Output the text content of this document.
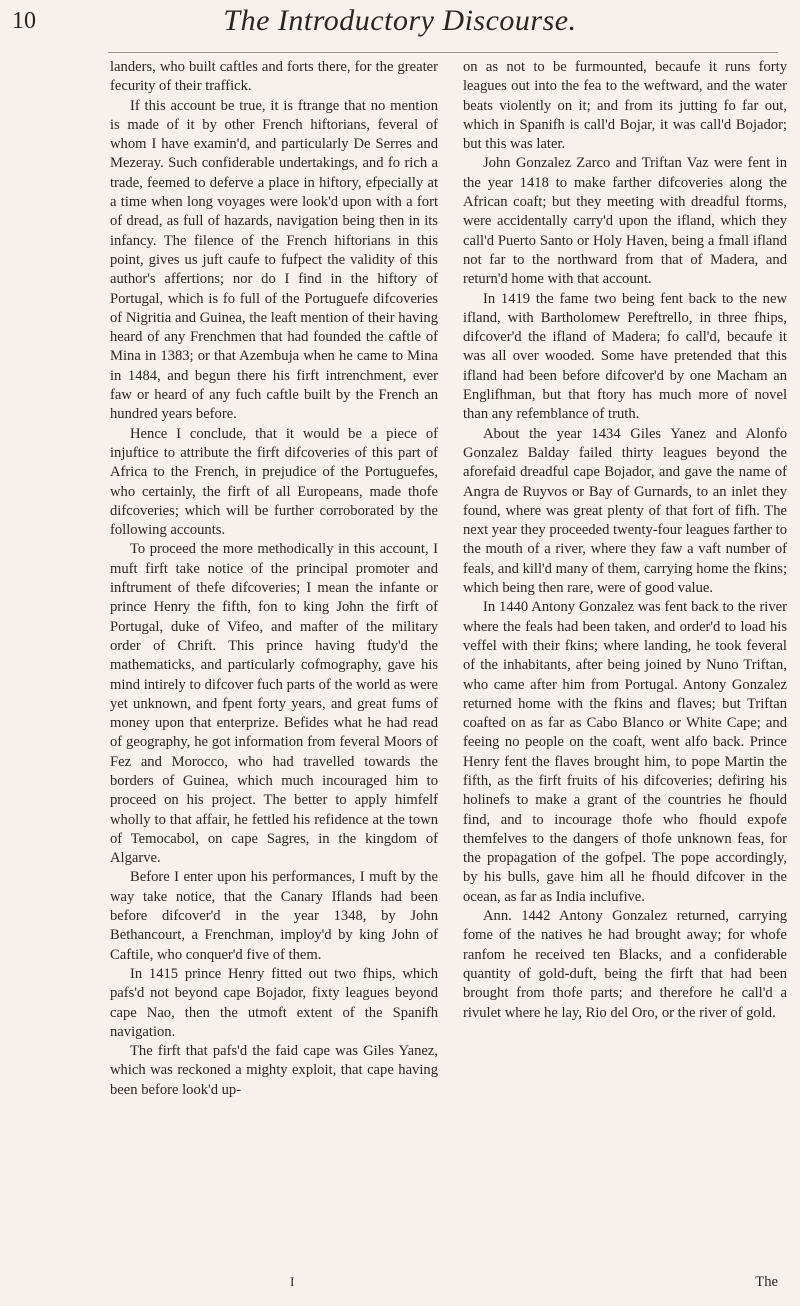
10	The Introductory Discourse.

landers, who built caftles and forts there, for the greater fecurity of their traffick.

If this account be true, it is ftrange that no mention is made of it by other French hiftorians, feveral of whom I have examin'd, and particularly De Serres and Mezeray. Such confiderable undertakings, and fo rich a trade, feemed to deferve a place in hiftory, efpecially at a time when long voyages were look'd upon with a fort of dread, as full of hazards, navigation being then in its infancy. The filence of the French hiftorians in this point, gives us juft caufe to fufpect the validity of this author's affertions; nor do I find in the hiftory of Portugal, which is fo full of the Portuguefe difcoveries of Nigritia and Guinea, the leaft mention of their having heard of any Frenchmen that had founded the caftle of Mina in 1383; or that Azembuja when he came to Mina in 1484, and begun there his firft intrenchment, ever faw or heard of any fuch caftle built by the French an hundred years before.

Hence I conclude, that it would be a piece of injuftice to attribute the firft difcoveries of this part of Africa to the French, in prejudice of the Portuguefes, who certainly, the firft of all Europeans, made thofe difcoveries; which will be further corroborated by the following accounts.

To proceed the more methodically in this account, I muft firft take notice of the principal promoter and inftrument of thefe difcoveries; I mean the infante or prince Henry the fifth, fon to king John the firft of Portugal, duke of Vifeo, and mafter of the military order of Chrift. This prince having ftudy'd the mathematicks, and particularly cofmography, gave his mind intirely to difcover fuch parts of the world as were yet unknown, and fpent forty years, and great fums of money upon that enterprize. Befides what he had read of geography, he got information from feveral Moors of Fez and Morocco, who had travelled towards the borders of Guinea, which much incouraged him to proceed on his project. The better to apply himfelf wholly to that affair, he fettled his refidence at the town of Temocabol, on cape Sagres, in the kingdom of Algarve.

Before I enter upon his performances, I muft by the way take notice, that the Canary Iflands had been before difcover'd in the year 1348, by John Bethancourt, a Frenchman, imploy'd by king John of Caftile, who conquer'd five of them.

In 1415 prince Henry fitted out two fhips, which pafs'd not beyond cape Bojador, fixty leagues beyond cape Nao, then the utmoft extent of the Spanifh navigation.

The firft that pafs'd the faid cape was Giles Yanez, which was reckoned a mighty exploit, that cape having been before look'd up-

on as not to be furmounted, becaufe it runs forty leagues out into the fea to the weftward, and the water beats violently on it; and from its jutting fo far out, which in Spanifh is call'd Bojar, it was call'd Bojador; but this was later.

John Gonzalez Zarco and Triftan Vaz were fent in the year 1418 to make farther difcoveries along the African coaft; but they meeting with dreadful ftorms, were accidentally carry'd upon the ifland, which they call'd Puerto Santo or Holy Haven, being a fmall ifland not far to the northward from that of Madera, and return'd home with that account.

In 1419 the fame two being fent back to the new ifland, with Bartholomew Pereftrello, in three fhips, difcover'd the ifland of Madera; fo call'd, becaufe it was all over wooded. Some have pretended that this ifland had been before difcover'd by one Macham an Englifhman, but that ftory has much more of novel than any refemblance of truth.

About the year 1434 Giles Yanez and Alonfo Gonzalez Balday failed thirty leagues beyond the aforefaid dreadful cape Bojador, and gave the name of Angra de Ruyvos or Bay of Gurnards, to an inlet they found, where was great plenty of that fort of fifh. The next year they proceeded twenty-four leagues farther to the mouth of a river, where they faw a vaft number of feals, and kill'd many of them, carrying home the fkins; which being then rare, were of good value.

In 1440 Antony Gonzalez was fent back to the river where the feals had been taken, and order'd to load his veffel with their fkins; where landing, he took feveral of the inhabitants, after being joined by Nuno Triftan, who came after him from Portugal. Antony Gonzalez returned home with the fkins and flaves; but Triftan coafted on as far as Cabo Blanco or White Cape; and feeing no people on the coaft, went alfo back. Prince Henry fent the flaves brought him, to pope Martin the fifth, as the firft fruits of his difcoveries; defiring his holinefs to make a grant of the countries he fhould find, and to incourage thofe who fhould expofe themfelves to the dangers of thofe unknown feas, for the propagation of the gofpel. The pope accordingly, by his bulls, gave him all he fhould difcover in the ocean, as far as India inclufive.

Ann. 1442 Antony Gonzalez returned, carrying fome of the natives he had brought away; for whofe ranfom he received ten Blacks, and a confiderable quantity of gold-duft, being the firft that had been brought from thofe parts; and therefore he call'd a rivulet where he lay, Rio del Oro, or the river of gold.

I	The
